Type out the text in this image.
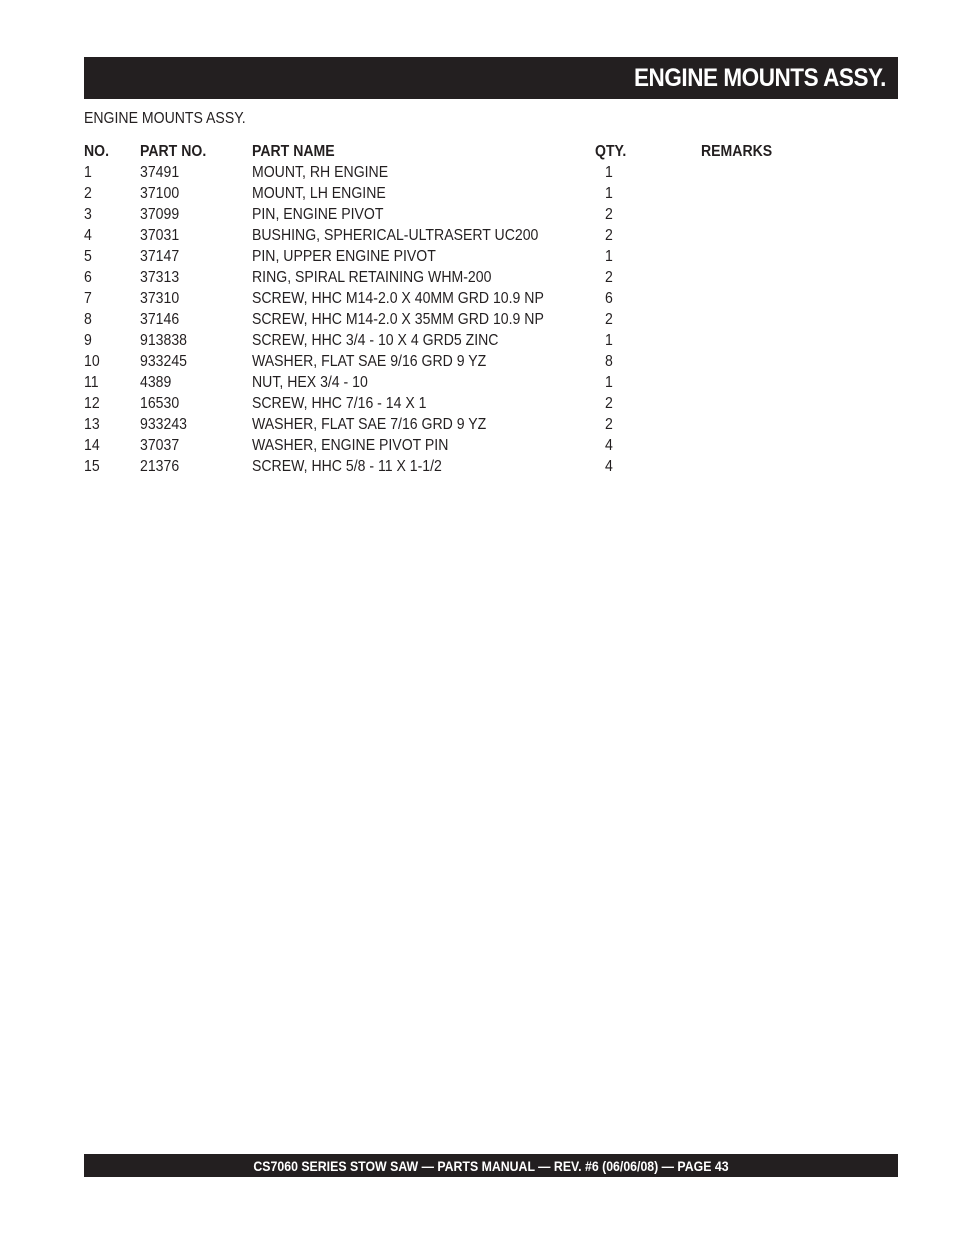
ENGINE MOUNTS ASSY.
ENGINE MOUNTS ASSY.
NO.	PART NO.	PART NAME	QTY.	REMARKS
1	37491	MOUNT, RH ENGINE	1	
2	37100	MOUNT, LH ENGINE	1	
3	37099	PIN, ENGINE PIVOT	2	
4	37031	BUSHING, SPHERICAL-ULTRASERT UC200	2	
5	37147	PIN, UPPER ENGINE PIVOT	1	
6	37313	RING, SPIRAL RETAINING WHM-200	2	
7	37310	SCREW, HHC M14-2.0 X 40MM GRD 10.9 NP	6	
8	37146	SCREW, HHC M14-2.0 X 35MM GRD 10.9 NP	2	
9	913838	SCREW, HHC 3/4 - 10 X 4 GRD5 ZINC	1	
10	933245	WASHER, FLAT SAE 9/16 GRD 9 YZ	8	
11	4389	NUT, HEX 3/4 - 10	1	
12	16530	SCREW, HHC 7/16 - 14 X 1	2	
13	933243	WASHER, FLAT SAE 7/16 GRD 9 YZ	2	
14	37037	WASHER, ENGINE PIVOT PIN	4	
15	21376	SCREW, HHC 5/8 - 11 X 1-1/2	4	
CS7060 SERIES STOW SAW — PARTS MANUAL — REV. #6 (06/06/08) — PAGE 43
